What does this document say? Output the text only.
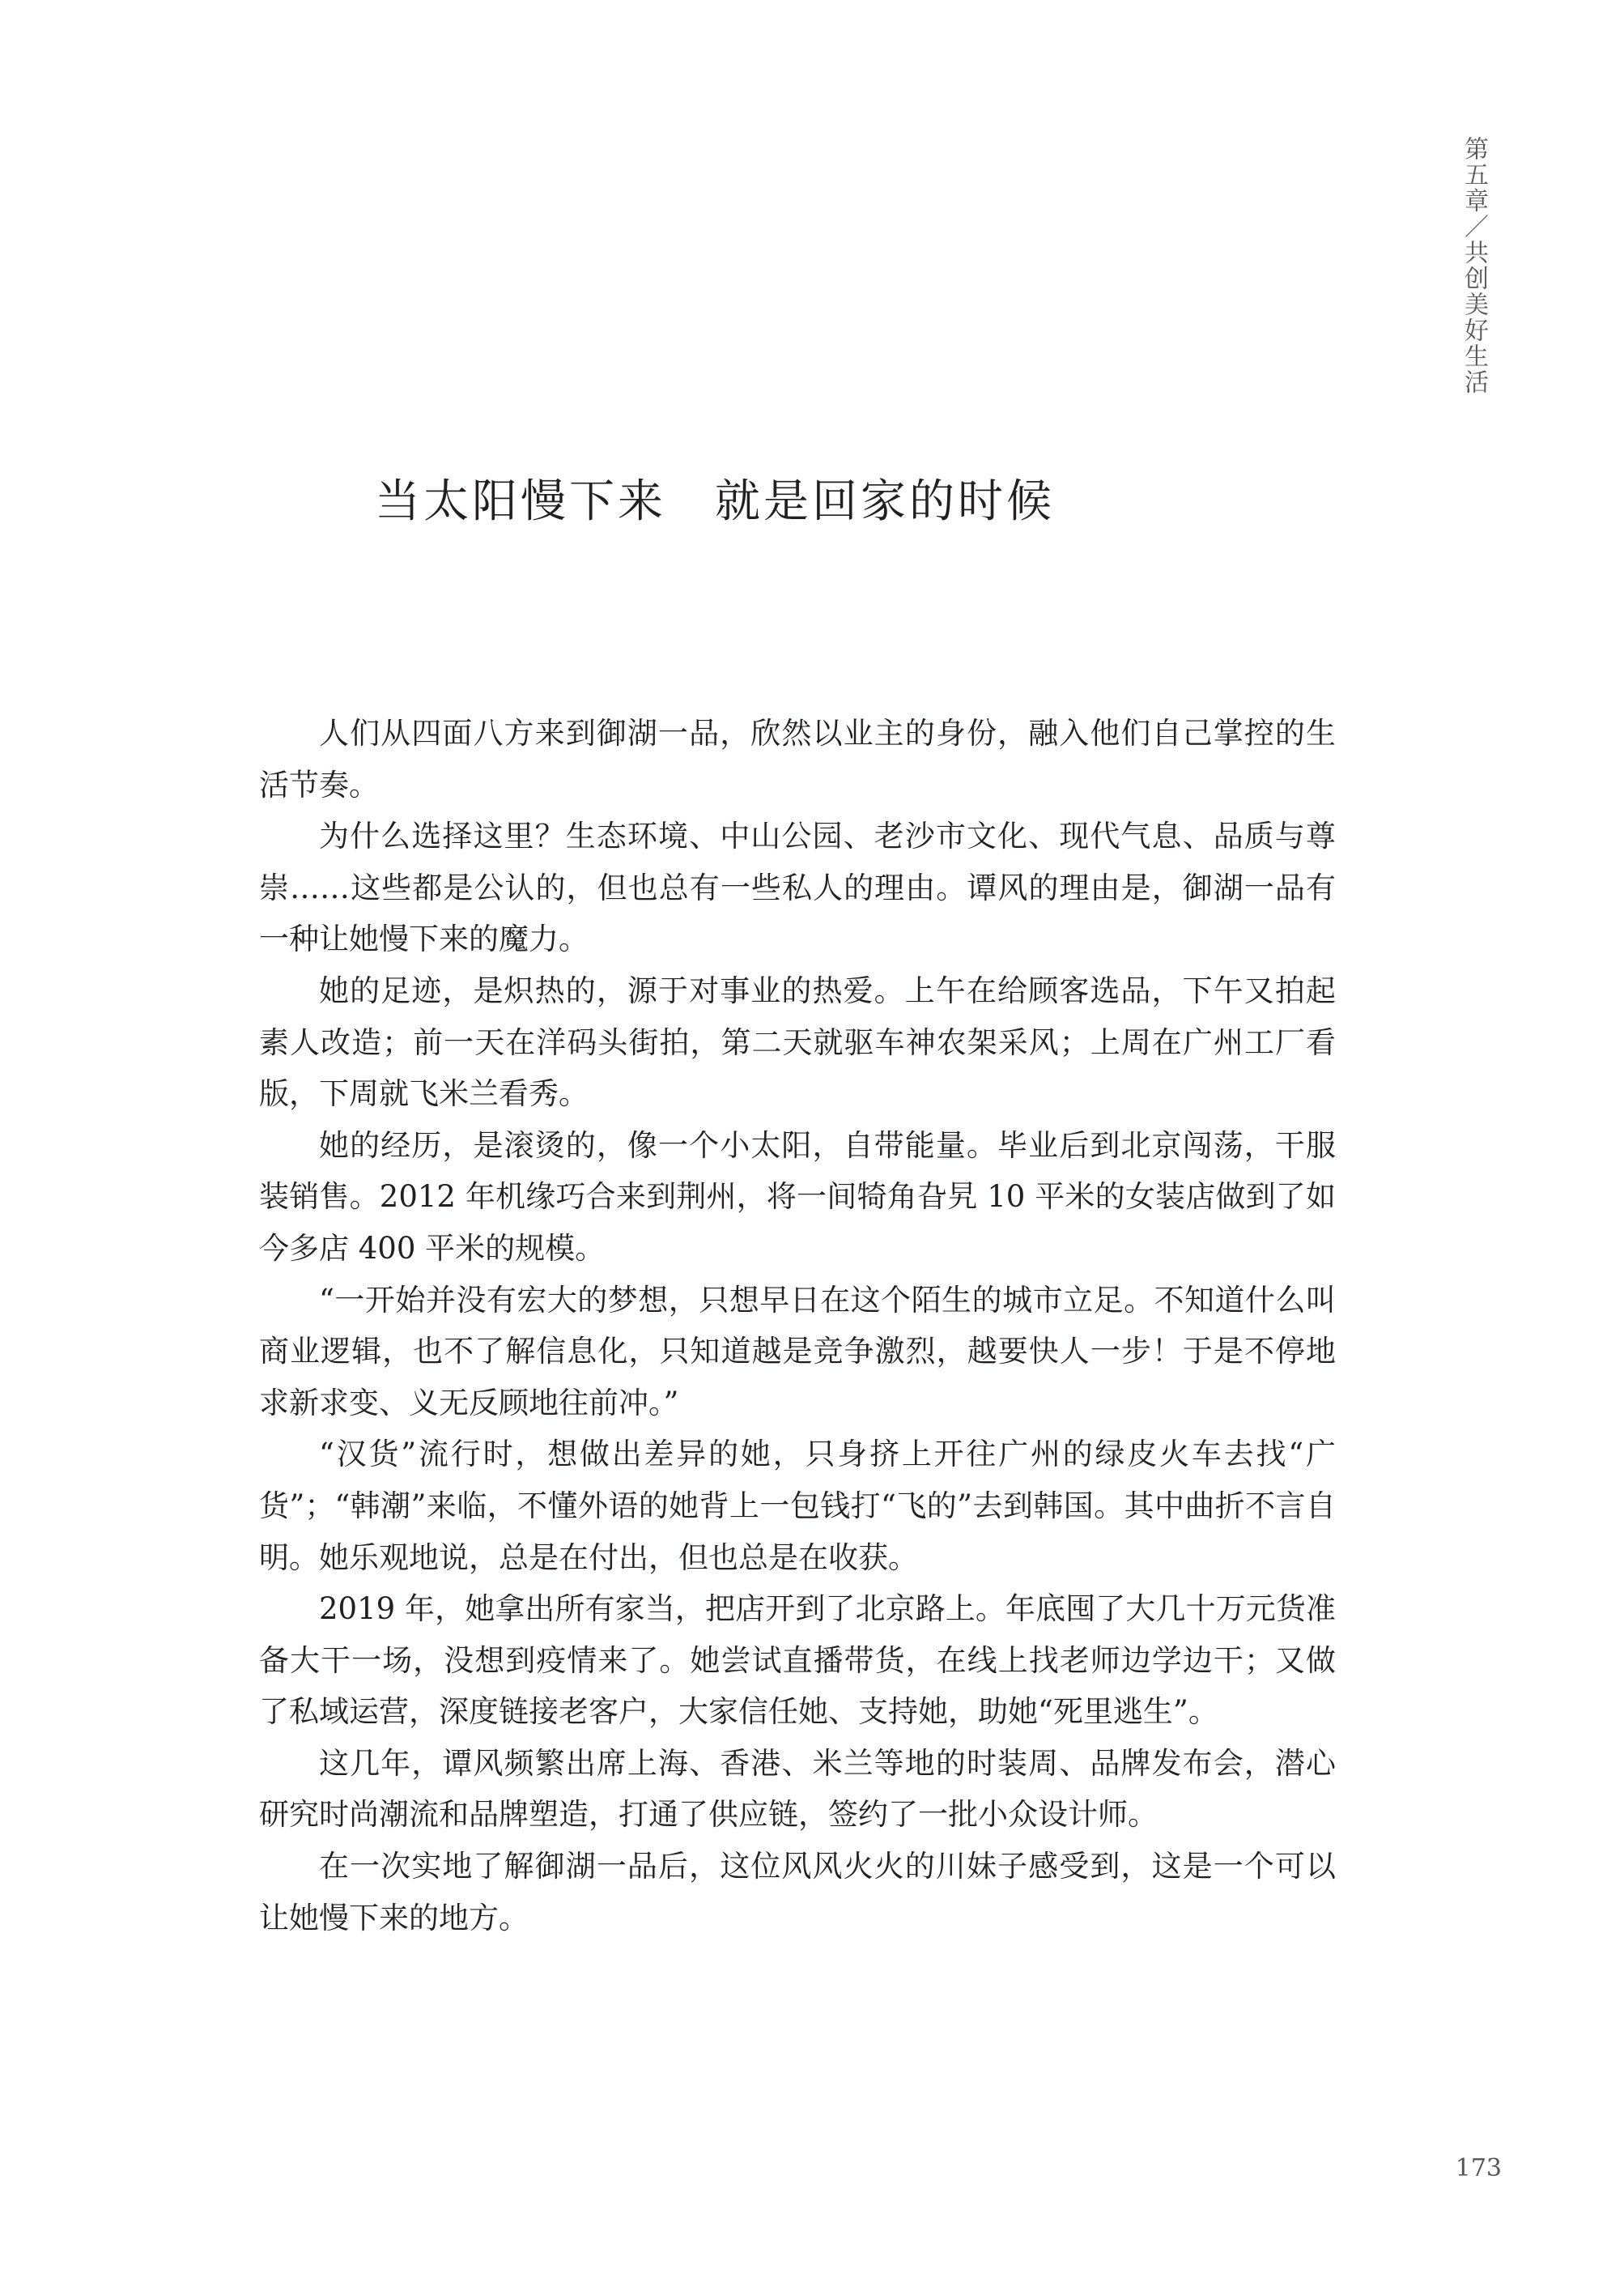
第五章／共创美好生活
当太阳慢下来　就是回家的时候

人们从四面八方来到御湖一品，欣然以业主的身份，融入他们自己掌控的生活节奏。

为什么选择这里？生态环境、中山公园、老沙市文化、现代气息、品质与尊崇……这些都是公认的，但也总有一些私人的理由。谭风的理由是，御湖一品有一种让她慢下来的魔力。

她的足迹，是炽热的，源于对事业的热爱。上午在给顾客选品，下午又拍起素人改造；前一天在洋码头街拍，第二天就驱车神农架采风；上周在广州工厂看版，下周就飞米兰看秀。

她的经历，是滚烫的，像一个小太阳，自带能量。毕业后到北京闯荡，干服装销售。2012 年机缘巧合来到荆州，将一间犄角旮旯 10 平米的女装店做到了如今多店 400 平米的规模。

“一开始并没有宏大的梦想，只想早日在这个陌生的城市立足。不知道什么叫商业逻辑，也不了解信息化，只知道越是竞争激烈，越要快人一步！于是不停地求新求变、义无反顾地往前冲。”

“汉货”流行时，想做出差异的她，只身挤上开往广州的绿皮火车去找“广货”；“韩潮”来临，不懂外语的她背上一包钱打“飞的”去到韩国。其中曲折不言自明。她乐观地说，总是在付出，但也总是在收获。

2019 年，她拿出所有家当，把店开到了北京路上。年底囤了大几十万元货准备大干一场，没想到疫情来了。她尝试直播带货，在线上找老师边学边干；又做了私域运营，深度链接老客户，大家信任她、支持她，助她“死里逃生”。

这几年，谭风频繁出席上海、香港、米兰等地的时装周、品牌发布会，潜心研究时尚潮流和品牌塑造，打通了供应链，签约了一批小众设计师。

在一次实地了解御湖一品后，这位风风火火的川妹子感受到，这是一个可以让她慢下来的地方。

173
